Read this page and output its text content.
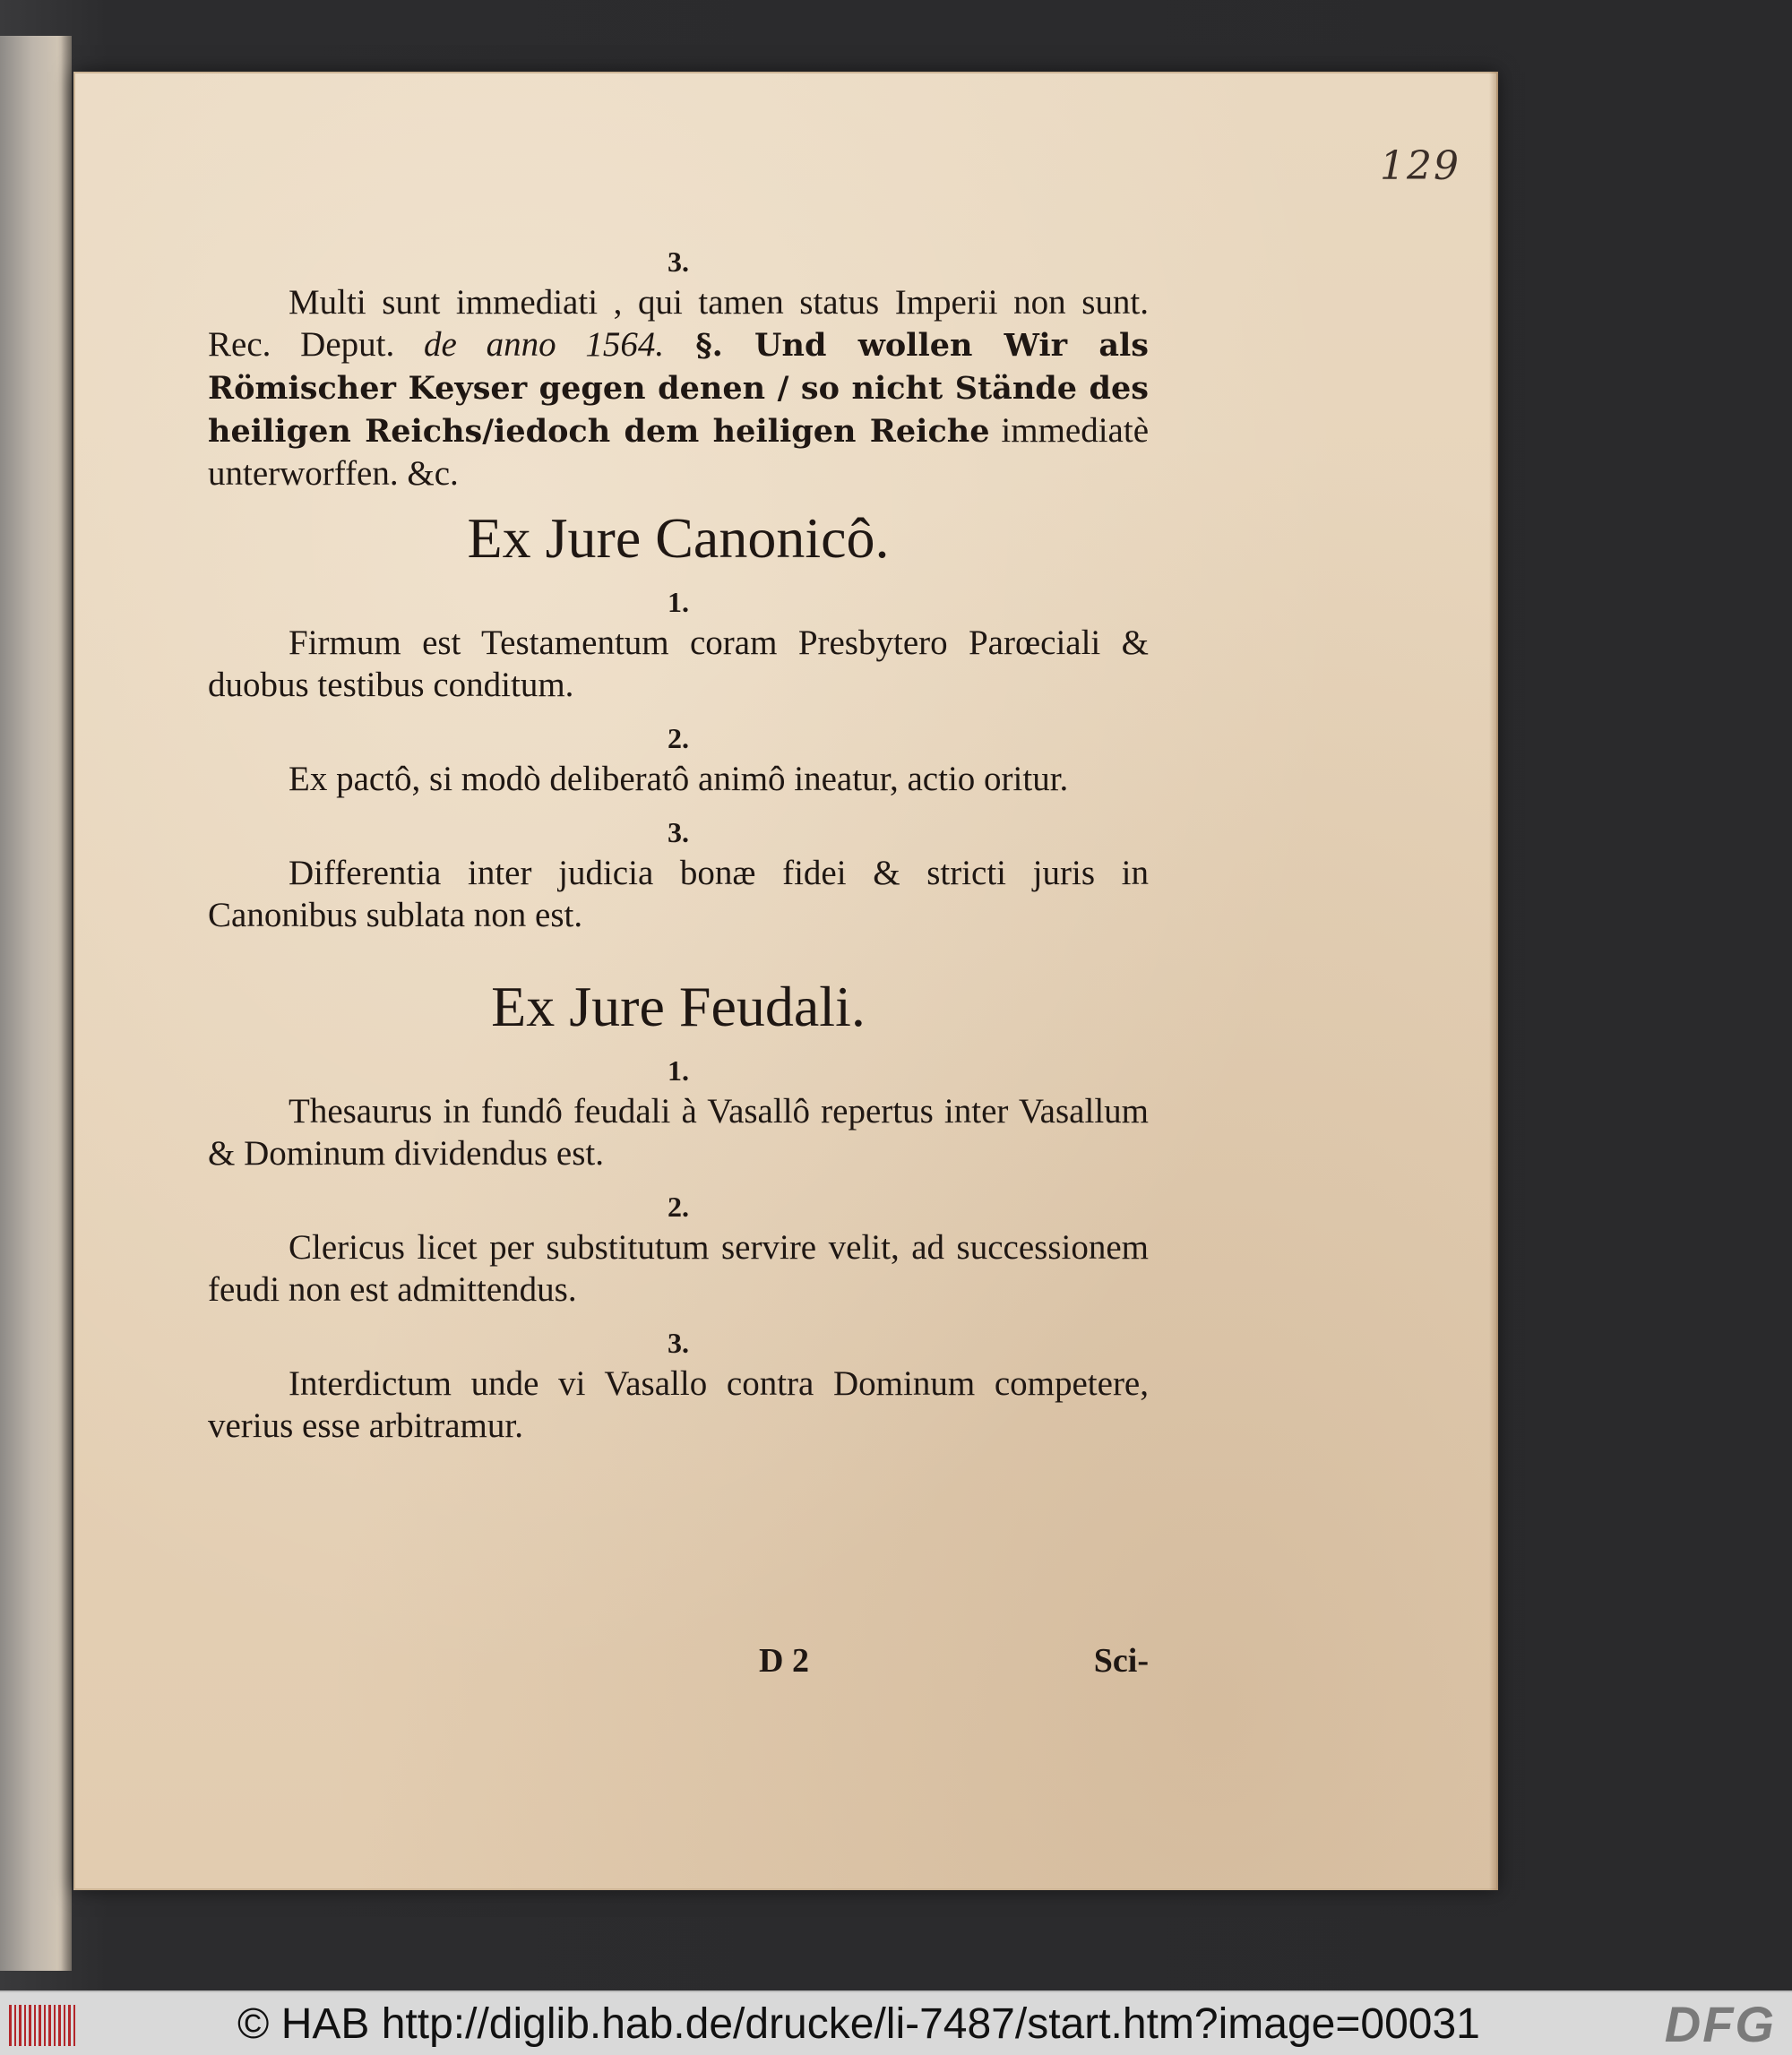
129
3.
Multi sunt immediati , qui tamen status Imperii non sunt. Rec. Deput. de anno 1564. §. Und wollen Wir als Römischer Keyser gegen denen / so nicht Stände des heiligen Reichs/iedoch dem heiligen Reiche immediatè unterworffen. &c.
Ex Jure Canonicô.
1.
Firmum est Testamentum coram Presbytero Parœciali & duobus testibus conditum.
2.
Ex pactô, si modò deliberatô animô ineatur, actio oritur.
3.
Differentia inter judicia bonæ fidei & stricti juris in Canonibus sublata non est.
Ex Jure Feudali.
1.
Thesaurus in fundô feudali à Vasallô repertus inter Vasallum & Dominum dividendus est.
2.
Clericus licet per substitutum servire velit, ad successionem feudi non est admittendus.
3.
Interdictum unde vi Vasallo contra Dominum competere, verius esse arbitramur.
D 2	Sci-
© HAB http://diglib.hab.de/drucke/li-7487/start.htm?image=00031	DFG
